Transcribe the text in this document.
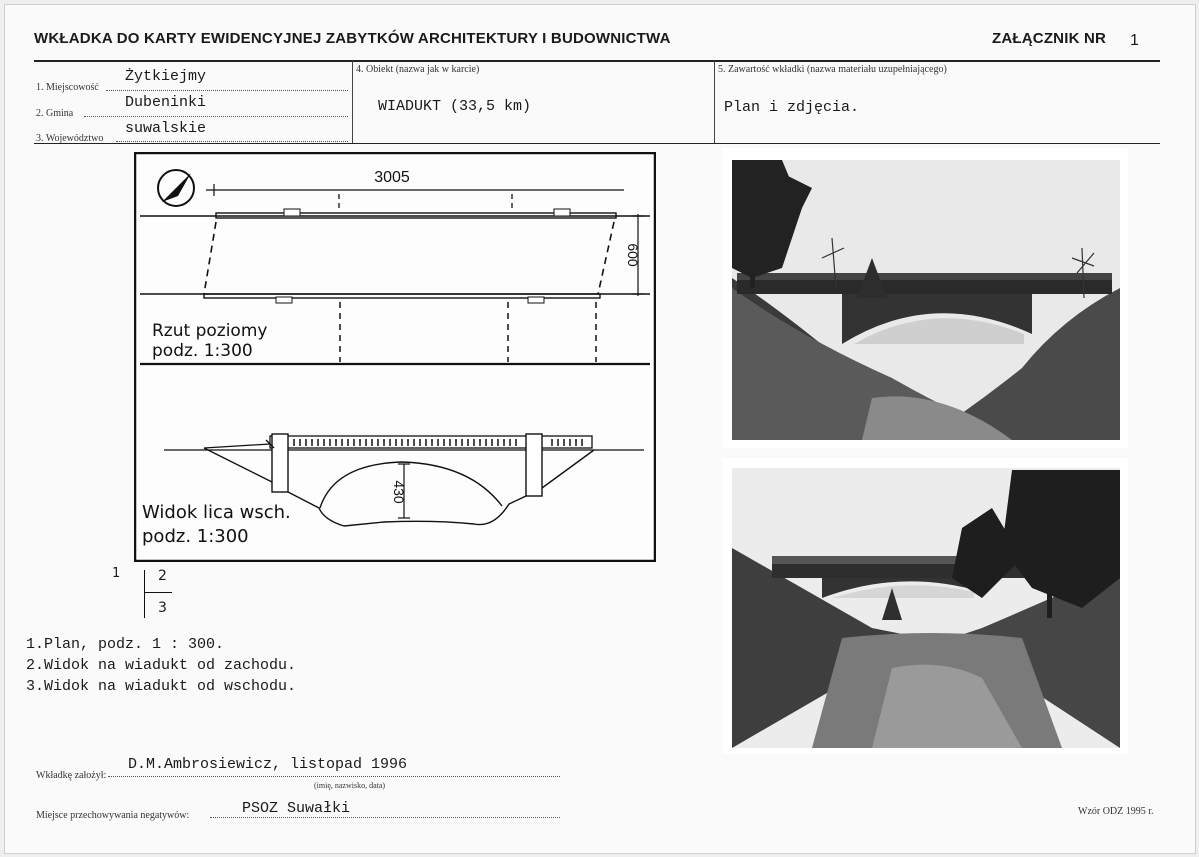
WKŁADKA DO KARTY EWIDENCYJNEJ ZABYTKÓW ARCHITEKTURY I BUDOWNICTWA	ZAŁĄCZNIK NR 1
1. Miejscowość
Żytkiejmy
2. Gmina
Dubeninki
3. Województwo
suwalskie
4. Obiekt (nazwa jak w karcie)
WIADUKT (33,5 km)
5. Zawartość wkładki (nazwa materiału uzupełniającego)
Plan i zdjęcia.
3005
600
430
Rzut poziomy
podz. 1:300
Widok lica wsch.
podz. 1:300
1	2
3
1.Plan, podz. 1 : 300.
2.Widok na wiadukt od zachodu.
3.Widok na wiadukt od wschodu.
Wkładkę założył:
D.M.Ambrosiewicz, listopad 1996
(imię, nazwisko, data)
Miejsce przechowywania negatywów:	PSOZ Suwałki	Wzór ODZ 1995 r.
